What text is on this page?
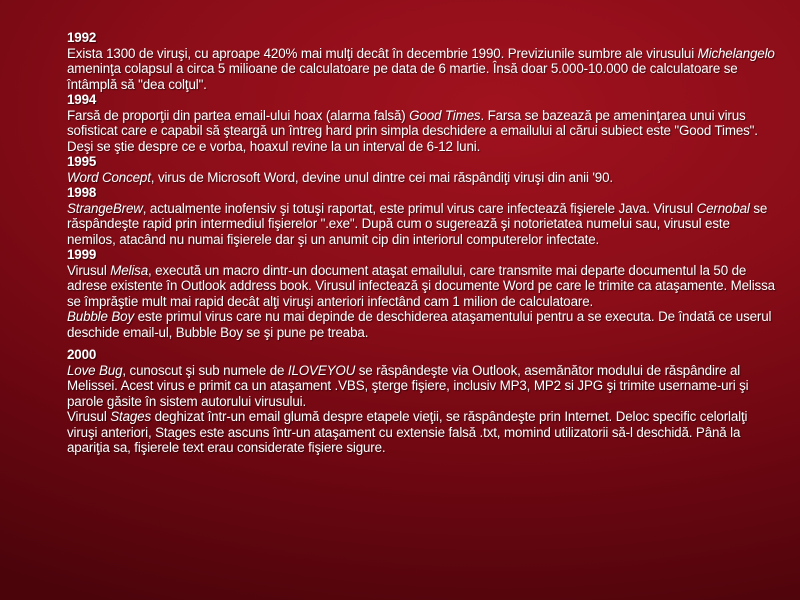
1992
Exista 1300 de viruşi, cu aproape 420% mai mulţi decât în decembrie 1990. Previziunile sumbre ale virusului Michelangelo ameninţa colapsul a circa 5 milioane de calculatoare pe data de 6 martie. Însă doar 5.000-10.000 de calculatoare se întâmplă să "dea colţul".
1994
Farsă de proporţii din partea email-ului hoax (alarma falsă) Good Times. Farsa se bazează pe ameninţarea unui virus sofisticat care e capabil să şteargă un întreg hard prin simpla deschidere a emailului al cărui subiect este "Good Times". Deşi se ştie despre ce e vorba, hoaxul revine la un interval de 6-12 luni.
1995
Word Concept, virus de Microsoft Word, devine unul dintre cei mai răspândiţi viruşi din anii '90.
1998
StrangeBrew, actualmente inofensiv şi totuşi raportat, este primul virus care infectează fişierele Java. Virusul Cernobal se răspândeşte rapid prin intermediul fişierelor ".exe". După cum o sugerează şi notorietatea numelui sau, virusul este nemilos, atacând nu numai fişierele dar şi un anumit cip din interiorul computerelor infectate.
1999
Virusul Melisa, execută un macro dintr-un document ataşat emailului, care transmite mai departe documentul la 50 de adrese existente în Outlook address book. Virusul infectează şi documente Word pe care le trimite ca ataşamente. Melissa se împrăştie mult mai rapid decât alţi viruşi anteriori infectând cam 1 milion de calculatoare.
Bubble Boy este primul virus care nu mai depinde de deschiderea ataşamentului pentru a se executa. De îndată ce userul deschide email-ul, Bubble Boy se şi pune pe treaba.
2000
Love Bug, cunoscut şi sub numele de ILOVEYOU se răspândeşte via Outlook, asemănător modului de răspândire al Melissei. Acest virus e primit ca un ataşament .VBS, şterge fişiere, inclusiv MP3, MP2 si JPG şi trimite username-uri şi parole găsite în sistem autorului virusului.
Virusul Stages deghizat într-un email glumă despre etapele vieţii, se răspândeşte prin Internet. Deloc specific celorlalţi viruşi anteriori, Stages este ascuns într-un ataşament cu extensie falsă .txt, momind utilizatorii să-l deschidă. Până la apariţia sa, fişierele text erau considerate fişiere sigure.
